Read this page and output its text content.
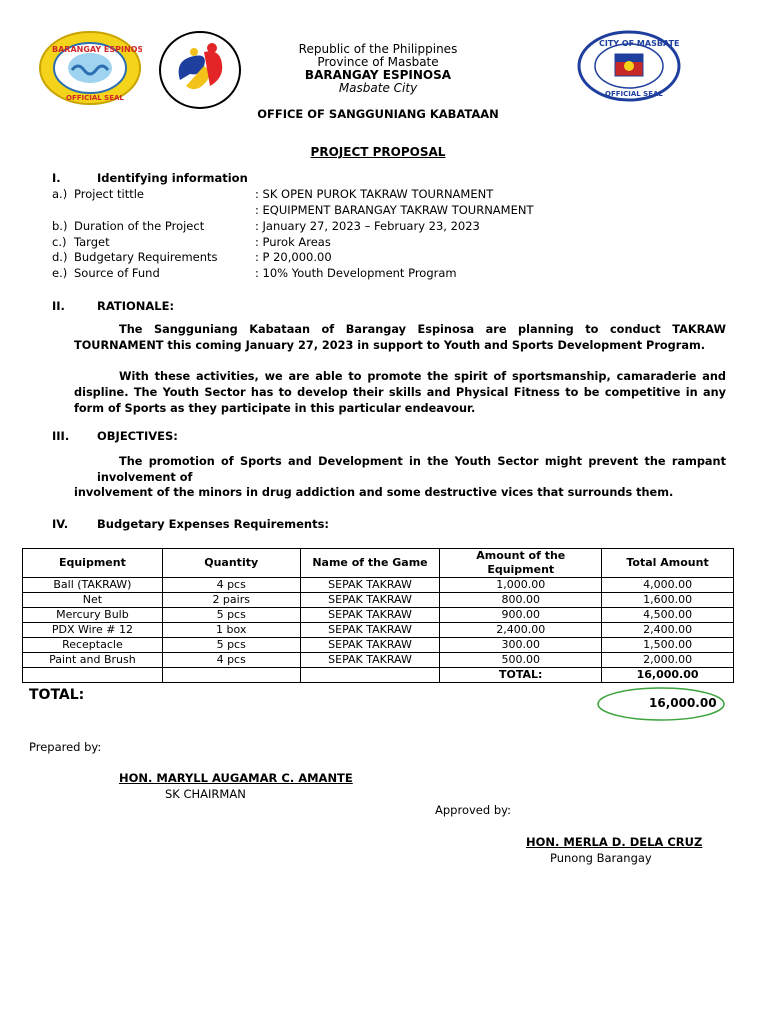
BARANGAY ESPINOSA
OFFICIAL SEAL
CITY OF MASBATE
OFFICIAL SEAL
Republic of the Philippines
Province of Masbate
BARANGAY ESPINOSA
Masbate City
OFFICE OF SANGGUNIANG KABATAAN
PROJECT PROPOSAL
I.	Identifying information
a.) Project tittle	: SK OPEN PUROK TAKRAW TOURNAMENT
: EQUIPMENT BARANGAY TAKRAW TOURNAMENT
b.) Duration of the Project	: January 27, 2023 – February 23, 2023
c.) Target	: Purok Areas
d.) Budgetary Requirements	: P 20,000.00
e.) Source of Fund	: 10% Youth Development Program
II.	RATIONALE:
The Sangguniang Kabataan of Barangay Espinosa are planning to conduct TAKRAW TOURNAMENT this coming January 27, 2023 in support to Youth and Sports Development Program.
With these activities, we are able to promote the spirit of sportsmanship, camaraderie and displine. The Youth Sector has to develop their skills and Physical Fitness to be competitive in any form of Sports as they participate in this particular endeavour.
III. OBJECTIVES:
The promotion of Sports and Development in the Youth Sector might prevent the rampant involvement of
involvement of the minors in drug addiction and some destructive vices that surrounds them.
IV.	Budgetary Expenses Requirements:
Equipment	Quantity	Name of the Game	Amount of the Equipment	Total Amount
Ball (TAKRAW)	4 pcs	SEPAK TAKRAW	1,000.00	4,000.00
Net	2 pairs	SEPAK TAKRAW	800.00	1,600.00
Mercury Bulb	5 pcs	SEPAK TAKRAW	900.00	4,500.00
PDX Wire # 12	1 box	SEPAK TAKRAW	2,400.00	2,400.00
Receptacle	5 pcs	SEPAK TAKRAW	300.00	1,500.00
Paint and Brush	4 pcs	SEPAK TAKRAW	500.00	2,000.00
			TOTAL:	16,000.00
TOTAL:	16,000.00
Prepared by:
HON. MARYLL AUGAMAR C. AMANTE
SK CHAIRMAN
Approved by:
HON. MERLA D. DELA CRUZ
Punong Barangay
